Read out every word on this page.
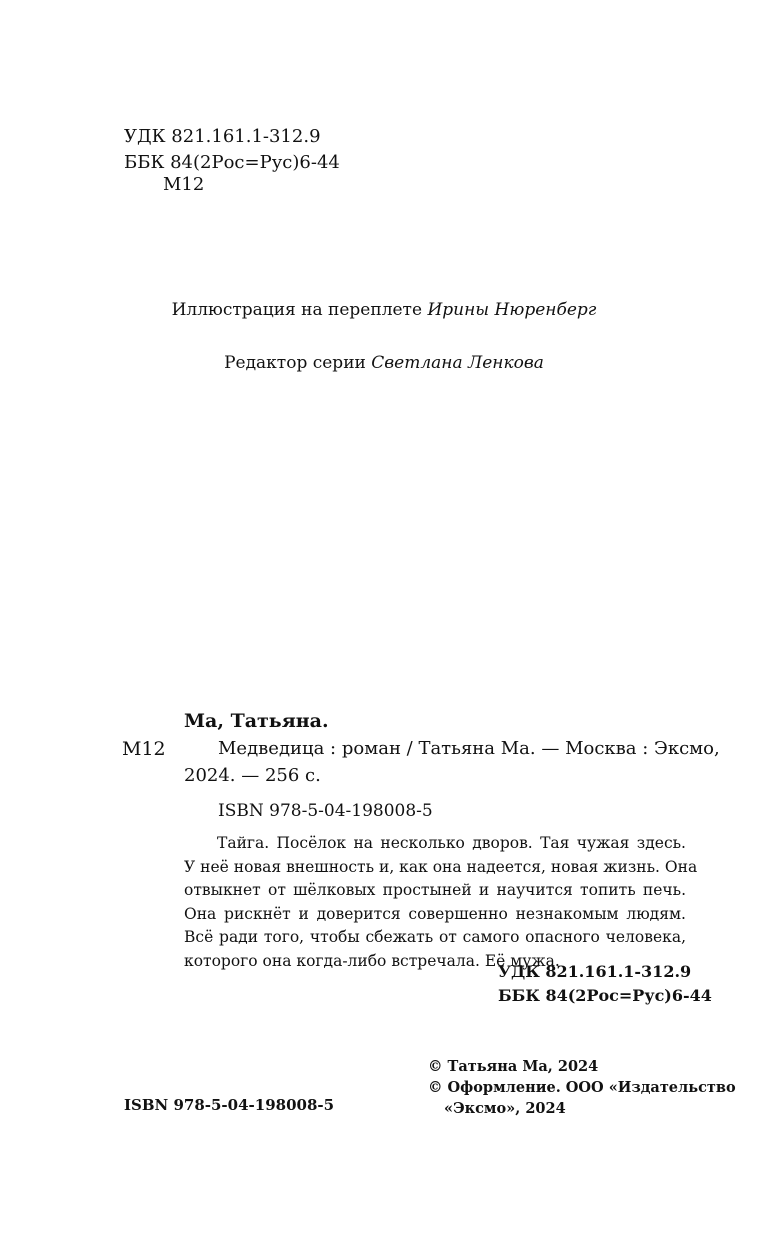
УДК 821.161.1-312.9
ББК 84(2Рос=Рус)6-44
М12
Иллюстрация на переплете Ирины Нюренберг
Редактор серии Светлана Ленкова
Ма, Татьяна.
М12	Медведица : роман / Татьяна Ма. — Москва : Эксмо,
2024. — 256 с.
ISBN 978-5-04-198008-5
Тайга. Посёлок на несколько дворов. Тая чужая здесь.
У неё новая внешность и, как она надеется, новая жизнь. Она
отвыкнет от шёлковых простыней и научится топить печь.
Она рискнёт и доверится совершенно незнакомым людям.
Всё ради того, чтобы сбежать от самого опасного человека,
которого она когда-либо встречала. Её мужа.
УДК 821.161.1-312.9
ББК 84(2Рос=Рус)6-44
© Татьяна Ма, 2024
© Оформление. ООО «Издательство
«Эксмо», 2024
ISBN 978-5-04-198008-5
